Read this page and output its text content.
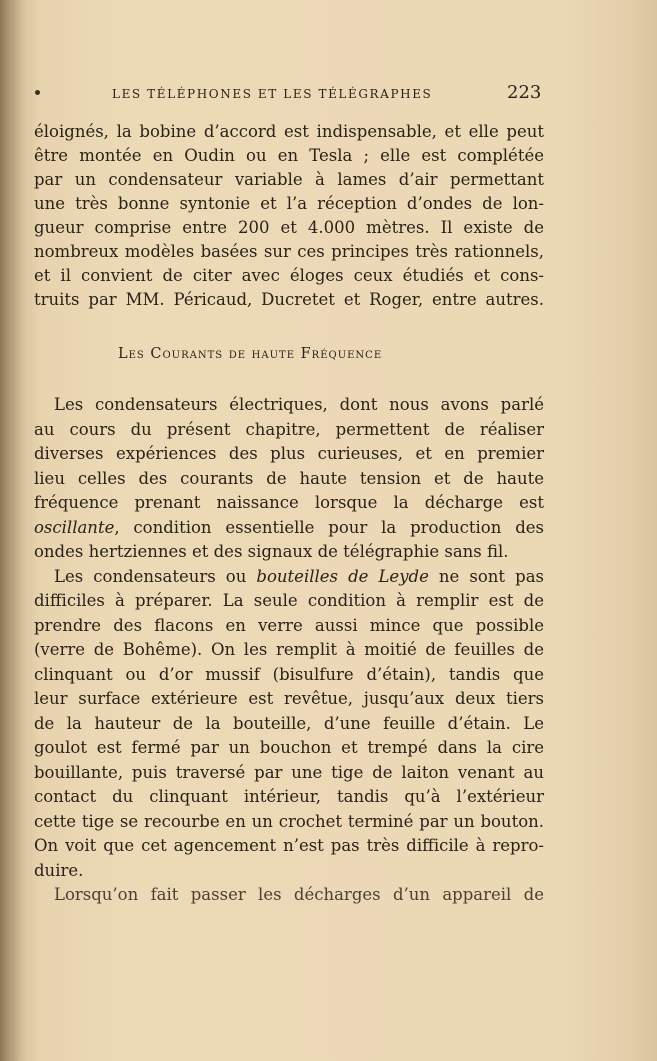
LES TÉLÉPHONES ET LES TÉLÉGRAPHES	223
éloignés, la bobine d’accord est indispensable, et elle peut
être montée en Oudin ou en Tesla ; elle est complétée
par un condensateur variable à lames d’air permettant
une très bonne syntonie et l’a réception d’ondes de lon-
gueur comprise entre 200 et 4.000 mètres. Il existe de
nombreux modèles basées sur ces principes très rationnels,
et il convient de citer avec éloges ceux étudiés et cons-
truits par MM. Péricaud, Ducretet et Roger, entre autres.
Les Courants de haute Fréquence
Les condensateurs électriques, dont nous avons parlé
au cours du présent chapitre, permettent de réaliser
diverses expériences des plus curieuses, et en premier
lieu celles des courants de haute tension et de haute
fréquence prenant naissance lorsque la décharge est
oscillante, condition essentielle pour la production des
ondes hertziennes et des signaux de télégraphie sans fil.
Les condensateurs ou bouteilles de Leyde ne sont pas
difficiles à préparer. La seule condition à remplir est de
prendre des flacons en verre aussi mince que possible
(verre de Bohême). On les remplit à moitié de feuilles de
clinquant ou d’or mussif (bisulfure d’étain), tandis que
leur surface extérieure est revêtue, jusqu’aux deux tiers
de la hauteur de la bouteille, d’une feuille d’étain. Le
goulot est fermé par un bouchon et trempé dans la cire
bouillante, puis traversé par une tige de laiton venant au
contact du clinquant intérieur, tandis qu’à l’extérieur
cette tige se recourbe en un crochet terminé par un bouton.
On voit que cet agencement n’est pas très difficile à repro-
duire.
Lorsqu’on fait passer les décharges d’un appareil de
